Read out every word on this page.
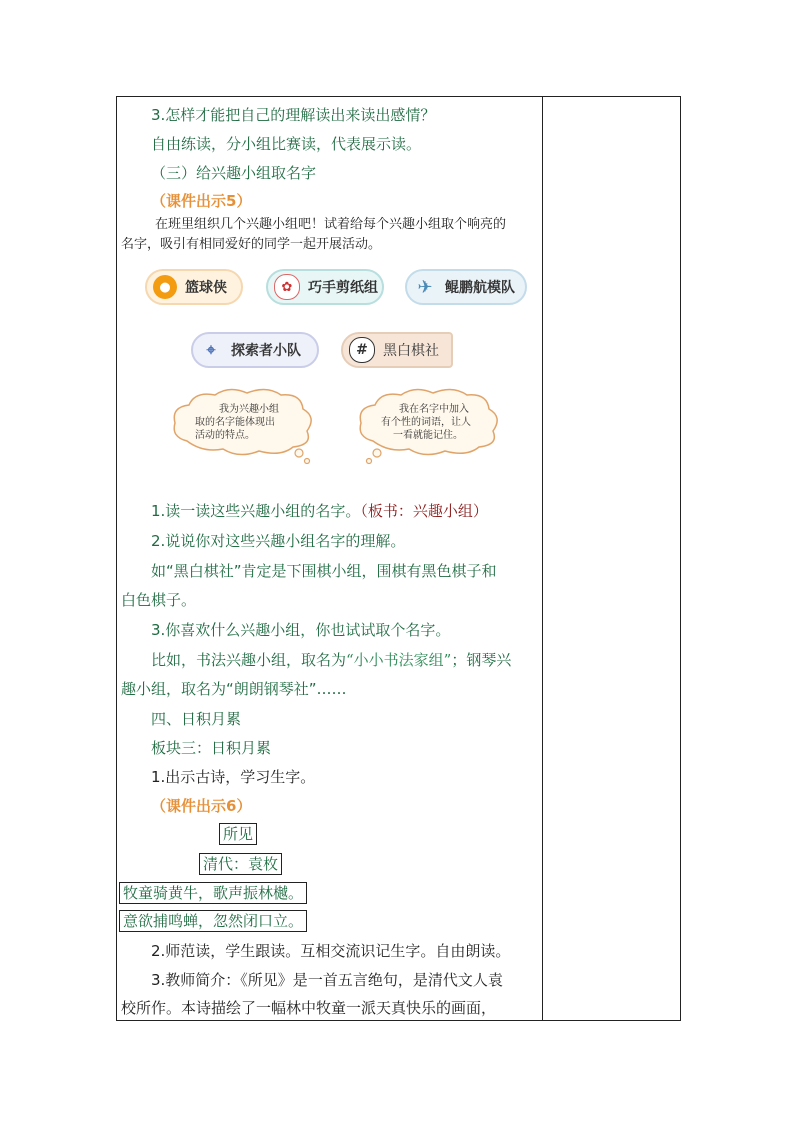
3.怎样才能把自己的理解读出来读出感情？
自由练读，分小组比赛读，代表展示读。
（三）给兴趣小组取名字
（课件出示5）
在班里组织几个兴趣小组吧！试着给每个兴趣小组取个响亮的
名字，吸引有相同爱好的同学一起开展活动。
●	篮球侠	✿	巧手剪纸组 ✈ 鲲鹏航模队
⌖	探索者小队	#	黑白棋社
我为兴趣小组
取的名字能体现出
活动的特点。
我在名字中加入
有个性的词语，让人
一看就能记住。
1.读一读这些兴趣小组的名字。（板书：兴趣小组）
2.说说你对这些兴趣小组名字的理解。
如“黑白棋社”肯定是下围棋小组，围棋有黑色棋子和
白色棋子。
3.你喜欢什么兴趣小组，你也试试取个名字。
比如，书法兴趣小组，取名为“小小书法家组”；钢琴兴
趣小组，取名为“朗朗钢琴社”……
四、日积月累
板块三：日积月累
1.出示古诗，学习生字。
（课件出示6）
所见
清代：袁枚
牧童骑黄牛，歌声振林樾。
意欲捕鸣蝉，忽然闭口立。
2.师范读，学生跟读。互相交流识记生字。自由朗读。
3.教师简介：《所见》是一首五言绝句，是清代文人袁
校所作。本诗描绘了一幅林中牧童一派天真快乐的画面，
